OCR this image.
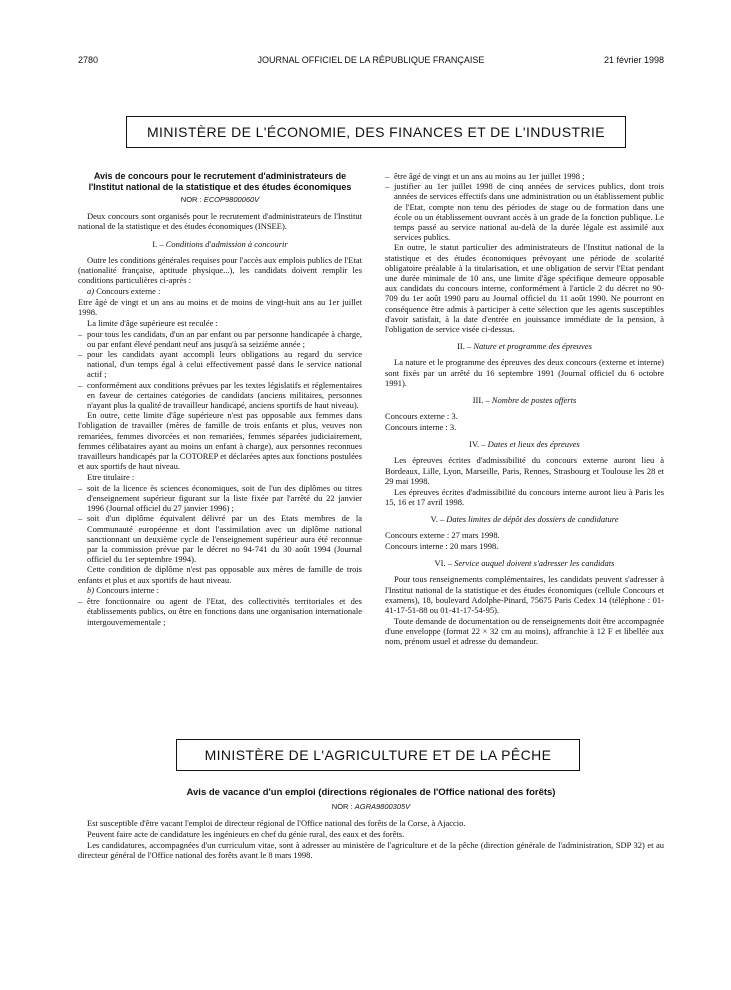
2780	JOURNAL OFFICIEL DE LA RÉPUBLIQUE FRANÇAISE	21 février 1998
MINISTÈRE DE L'ÉCONOMIE, DES FINANCES ET DE L'INDUSTRIE
Avis de concours pour le recrutement d'administrateurs de l'Institut national de la statistique et des études économiques
NOR : ECOP9800060V

Deux concours sont organisés pour le recrutement d'administrateurs de l'Institut national de la statistique et des études économiques (INSEE).

I. – Conditions d'admission à concourir

Outre les conditions générales requises pour l'accès aux emplois publics de l'Etat (nationalité française, aptitude physique...), les candidats doivent remplir les conditions particulières ci-après :

a) Concours externe :

Etre âgé de vingt et un ans au moins et de moins de vingt-huit ans au 1er juillet 1998.

La limite d'âge supérieure est reculée :

– pour tous les candidats, d'un an par enfant ou par personne handicapée à charge, ou par enfant élevé pendant neuf ans jusqu'à sa seizième année ;
– pour les candidats ayant accompli leurs obligations au regard du service national, d'un temps égal à celui effectivement passé dans le service national actif ;
– conformément aux conditions prévues par les textes législatifs et réglementaires en faveur de certaines catégories de candidats (anciens militaires, personnes n'ayant plus la qualité de travailleur handicapé, anciens sportifs de haut niveau).

En outre, cette limite d'âge supérieure n'est pas opposable aux femmes dans l'obligation de travailler (mères de famille de trois enfants et plus, veuves non remariées, femmes divorcées et non remariées, femmes séparées judiciairement, femmes célibataires ayant au moins un enfant à charge), aux personnes reconnues travailleurs handicapés par la COTOREP et déclarées aptes aux fonctions postulées et aux sportifs de haut niveau.

Etre titulaire :

– soit de la licence ès sciences économiques, soit de l'un des diplômes ou titres d'enseignement supérieur figurant sur la liste fixée par l'arrêté du 22 janvier 1996 (Journal officiel du 27 janvier 1996) ;
– soit d'un diplôme équivalent délivré par un des Etats membres de la Communauté européenne et dont l'assimilation avec un diplôme national sanctionnant un deuxième cycle de l'enseignement supérieur aura été reconnue par la commission prévue par le décret no 94-741 du 30 août 1994 (Journal officiel du 1er septembre 1994).

Cette condition de diplôme n'est pas opposable aux mères de famille de trois enfants et plus et aux sportifs de haut niveau.

b) Concours interne :

– être fonctionnaire ou agent de l'Etat, des collectivités territoriales et des établissements publics, ou être en fonctions dans une organisation internationale intergouvernementale ;
– être âgé de vingt et un ans au moins au 1er juillet 1998 ;
– justifier au 1er juillet 1998 de cinq années de services publics, dont trois années de services effectifs dans une administration ou un établissement public de l'Etat, compte non tenu des périodes de stage ou de formation dans une école ou un établissement ouvrant accès à un grade de la fonction publique. Le temps passé au service national au-delà de la durée légale est assimilé aux services publics.

En outre, le statut particulier des administrateurs de l'Institut national de la statistique et des études économiques prévoyant une période de scolarité obligatoire préalable à la titularisation, et une obligation de servir l'Etat pendant une durée minimale de 10 ans, une limite d'âge spécifique demeure opposable aux candidats du concours interne, conformément à l'article 2 du décret no 90-709 du 1er août 1990 paru au Journal officiel du 11 août 1990. Ne pourront en conséquence être admis à participer à cette sélection que les agents susceptibles d'avoir satisfait, à la date d'entrée en jouissance immédiate de la pension, à l'obligation de service visée ci-dessus.

II. – Nature et programme des épreuves

La nature et le programme des épreuves des deux concours (externe et interne) sont fixés par un arrêté du 16 septembre 1991 (Journal officiel du 6 octobre 1991).

III. – Nombre de postes offerts

Concours externe : 3.

Concours interne : 3.

IV. – Dates et lieux des épreuves

Les épreuves écrites d'admissibilité du concours externe auront lieu à Bordeaux, Lille, Lyon, Marseille, Paris, Rennes, Strasbourg et Toulouse les 28 et 29 mai 1998.

Les épreuves écrites d'admissibilité du concours interne auront lieu à Paris les 15, 16 et 17 avril 1998.

V. – Dates limites de dépôt des dossiers de candidature

Concours externe : 27 mars 1998.

Concours interne : 20 mars 1998.

VI. – Service auquel doivent s'adresser les candidats

Pour tous renseignements complémentaires, les candidats peuvent s'adresser à l'Institut national de la statistique et des études économiques (cellule Concours et examens), 18, boulevard Adolphe-Pinard, 75675 Paris Cedex 14 (téléphone : 01-41-17-51-88 ou 01-41-17-54-95).

Toute demande de documentation ou de renseignements doit être accompagnée d'une enveloppe (format 22 × 32 cm au moins), affranchie à 12 F et libellée aux nom, prénom usuel et adresse du demandeur.

MINISTÈRE DE L'AGRICULTURE ET DE LA PÊCHE
Avis de vacance d'un emploi (directions régionales de l'Office national des forêts)
NOR : AGRA9800305V

Est susceptible d'être vacant l'emploi de directeur régional de l'Office national des forêts de la Corse, à Ajaccio.

Peuvent faire acte de candidature les ingénieurs en chef du génie rural, des eaux et des forêts.

Les candidatures, accompagnées d'un curriculum vitae, sont à adresser au ministère de l'agriculture et de la pêche (direction générale de l'administration, SDP 32) et au directeur général de l'Office national des forêts avant le 8 mars 1998.
